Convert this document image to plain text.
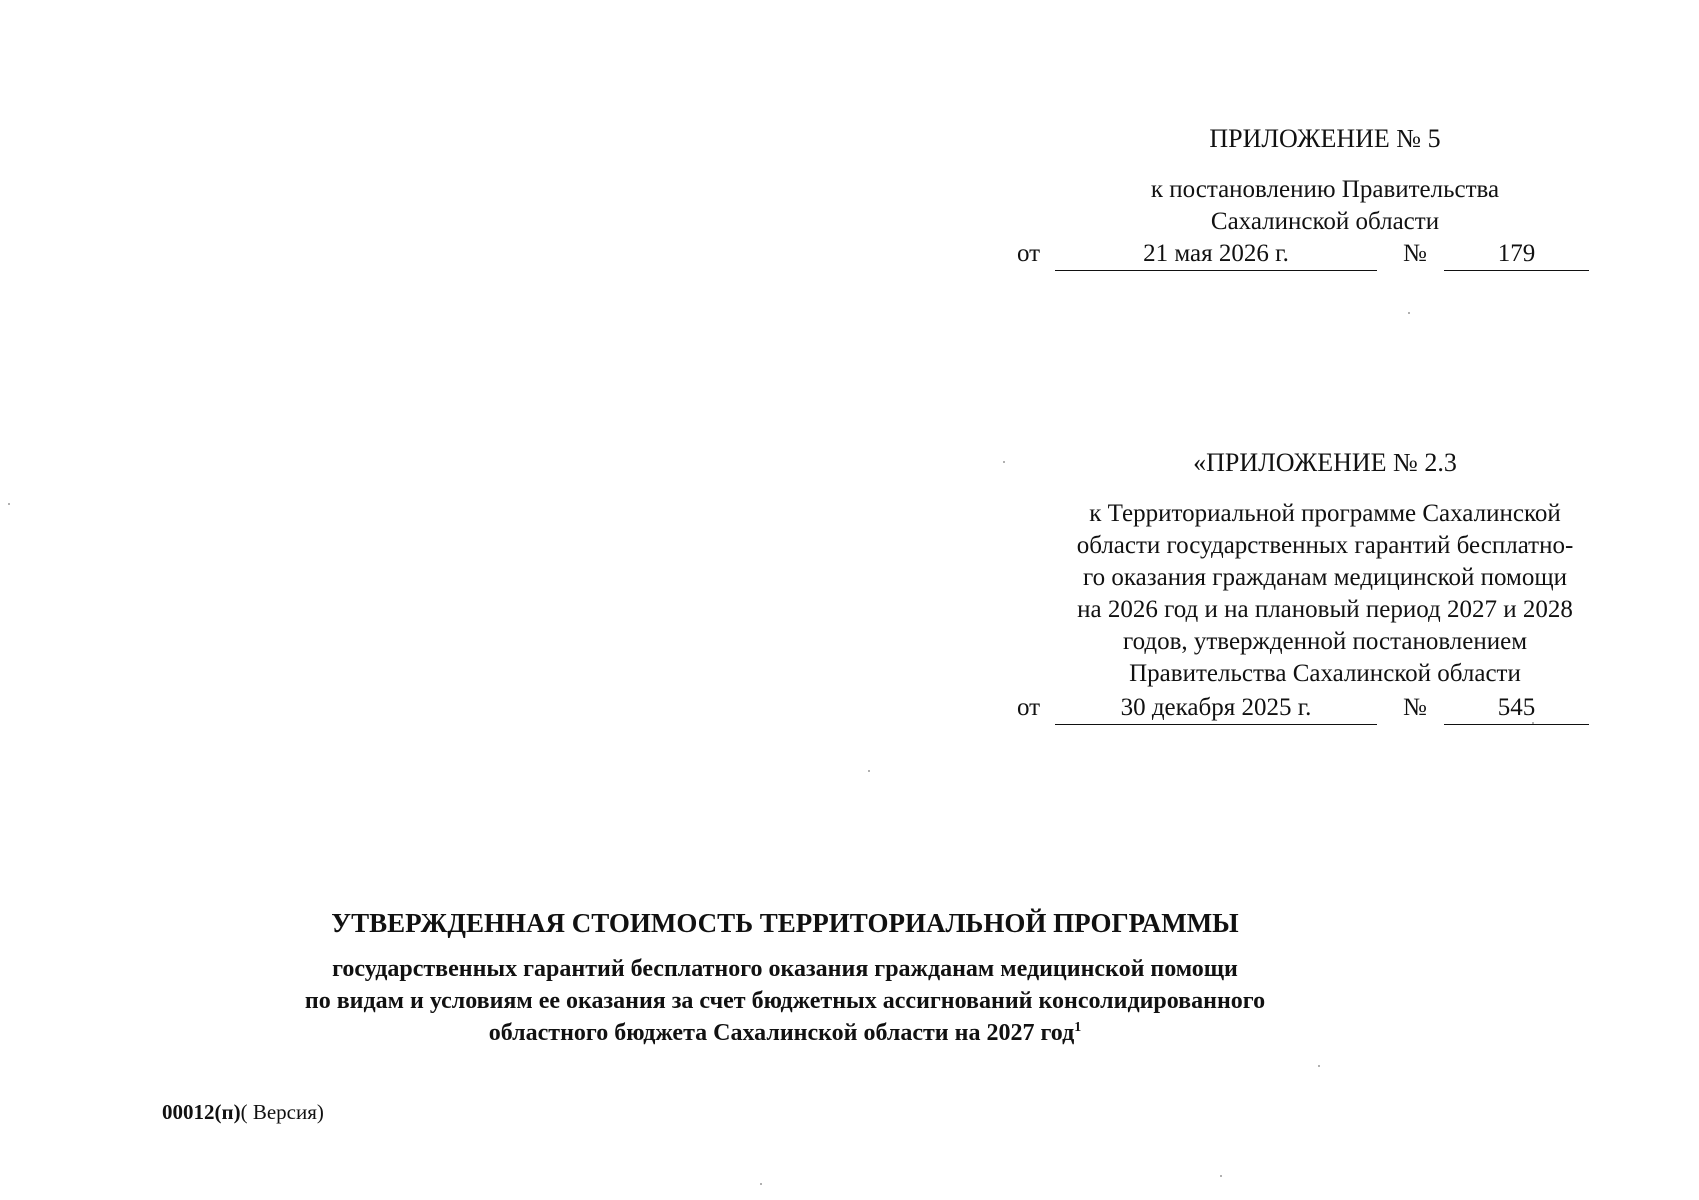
ПРИЛОЖЕНИЕ № 5
к постановлению Правительства
Сахалинской области
от	21 мая 2026 г.	№	179
«ПРИЛОЖЕНИЕ № 2.3
к Территориальной программе Сахалинской
области государственных гарантий бесплатно-
го оказания гражданам медицинской помощи
на 2026 год и на плановый период 2027 и 2028
годов, утвержденной постановлением
Правительства Сахалинской области
от	30 декабря 2025 г.	№	545
УТВЕРЖДЕННАЯ СТОИМОСТЬ ТЕРРИТОРИАЛЬНОЙ ПРОГРАММЫ
государственных гарантий бесплатного оказания гражданам медицинской помощи
по видам и условиям ее оказания за счет бюджетных ассигнований консолидированного
областного бюджета Сахалинской области на 2027 год$^1$
00012(п)( Версия)
